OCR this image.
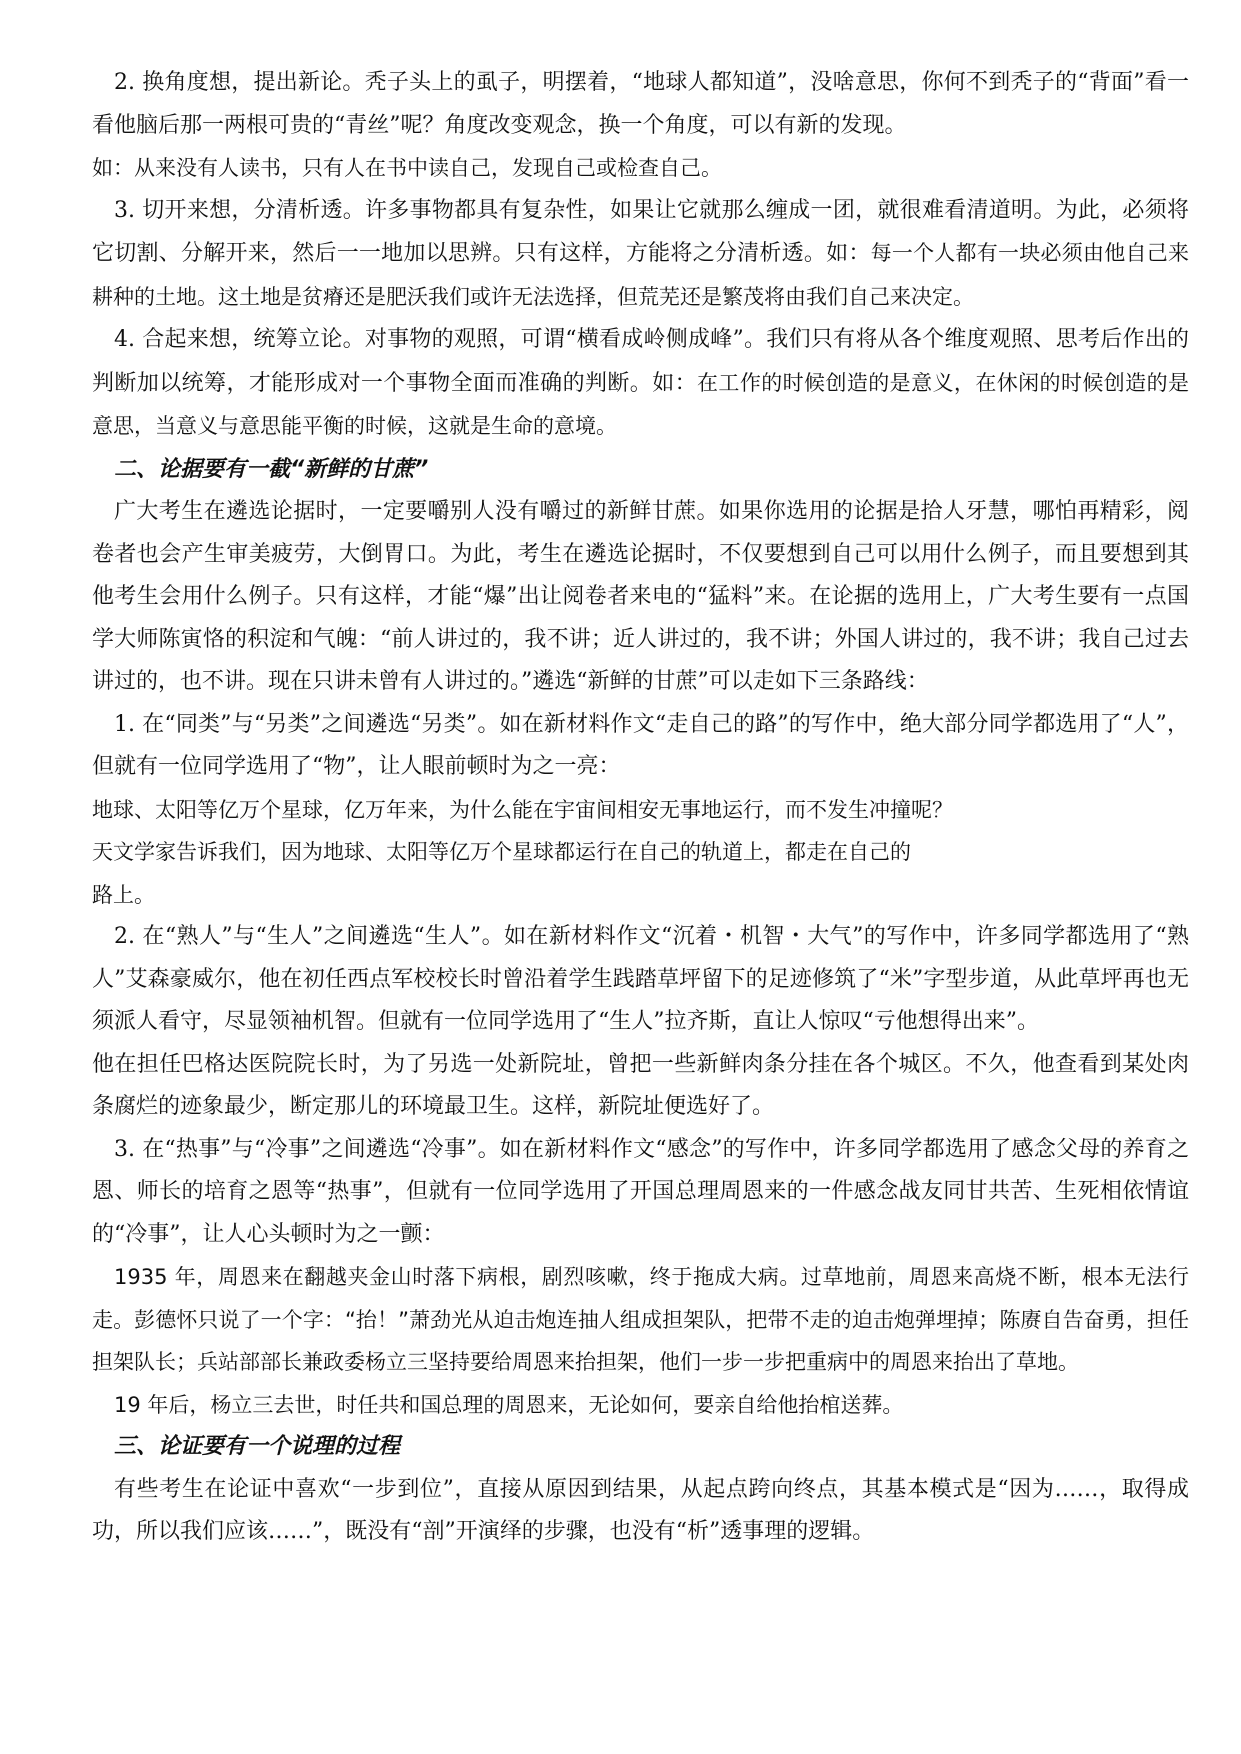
2. 换角度想，提出新论。秃子头上的虱子，明摆着，“地球人都知道”，没啥意思，你何不到秃子的“背面”看一看他脑后那一两根可贵的“青丝”呢？角度改变观念，换一个角度，可以有新的发现。

如：从来没有人读书，只有人在书中读自己，发现自己或检查自己。

3. 切开来想，分清析透。许多事物都具有复杂性，如果让它就那么缠成一团，就很难看清道明。为此，必须将它切割、分解开来，然后一一地加以思辨。只有这样，方能将之分清析透。如：每一个人都有一块必须由他自己来耕种的土地。这土地是贫瘠还是肥沃我们或许无法选择，但荒芜还是繁茂将由我们自己来决定。

4. 合起来想，统筹立论。对事物的观照，可谓“横看成岭侧成峰”。我们只有将从各个维度观照、思考后作出的判断加以统筹，才能形成对一个事物全面而准确的判断。如：在工作的时候创造的是意义，在休闲的时候创造的是意思，当意义与意思能平衡的时候，这就是生命的意境。

二、论据要有一截“新鲜的甘蔗”

广大考生在遴选论据时，一定要嚼别人没有嚼过的新鲜甘蔗。如果你选用的论据是拾人牙慧，哪怕再精彩，阅卷者也会产生审美疲劳，大倒胃口。为此，考生在遴选论据时，不仅要想到自己可以用什么例子，而且要想到其他考生会用什么例子。只有这样，才能“爆”出让阅卷者来电的“猛料”来。在论据的选用上，广大考生要有一点国学大师陈寅恪的积淀和气魄：“前人讲过的，我不讲；近人讲过的，我不讲；外国人讲过的，我不讲；我自己过去讲过的，也不讲。现在只讲未曾有人讲过的。”遴选“新鲜的甘蔗”可以走如下三条路线：

1. 在“同类”与“另类”之间遴选“另类”。如在新材料作文“走自己的路”的写作中，绝大部分同学都选用了“人”，但就有一位同学选用了“物”，让人眼前顿时为之一亮：

地球、太阳等亿万个星球，亿万年来，为什么能在宇宙间相安无事地运行，而不发生冲撞呢？

天文学家告诉我们，因为地球、太阳等亿万个星球都运行在自己的轨道上，都走在自己的

路上。

2. 在“熟人”与“生人”之间遴选“生人”。如在新材料作文“沉着・机智・大气”的写作中，许多同学都选用了“熟人”艾森豪威尔，他在初任西点军校校长时曾沿着学生践踏草坪留下的足迹修筑了“米”字型步道，从此草坪再也无须派人看守，尽显领袖机智。但就有一位同学选用了“生人”拉齐斯，直让人惊叹“亏他想得出来”。

他在担任巴格达医院院长时，为了另选一处新院址，曾把一些新鲜肉条分挂在各个城区。不久，他查看到某处肉条腐烂的迹象最少，断定那儿的环境最卫生。这样，新院址便选好了。

3. 在“热事”与“冷事”之间遴选“冷事”。如在新材料作文“感念”的写作中，许多同学都选用了感念父母的养育之恩、师长的培育之恩等“热事”，但就有一位同学选用了开国总理周恩来的一件感念战友同甘共苦、生死相依情谊的“冷事”，让人心头顿时为之一颤：

1935 年，周恩来在翻越夹金山时落下病根，剧烈咳嗽，终于拖成大病。过草地前，周恩来高烧不断，根本无法行走。彭德怀只说了一个字：“抬！”萧劲光从迫击炮连抽人组成担架队，把带不走的迫击炮弹埋掉；陈赓自告奋勇，担任担架队长；兵站部部长兼政委杨立三坚持要给周恩来抬担架，他们一步一步把重病中的周恩来抬出了草地。

19 年后，杨立三去世，时任共和国总理的周恩来，无论如何，要亲自给他抬棺送葬。

三、论证要有一个说理的过程

有些考生在论证中喜欢“一步到位”，直接从原因到结果，从起点跨向终点，其基本模式是“因为……，取得成功，所以我们应该……”，既没有“剖”开演绎的步骤，也没有“析”透事理的逻辑。
